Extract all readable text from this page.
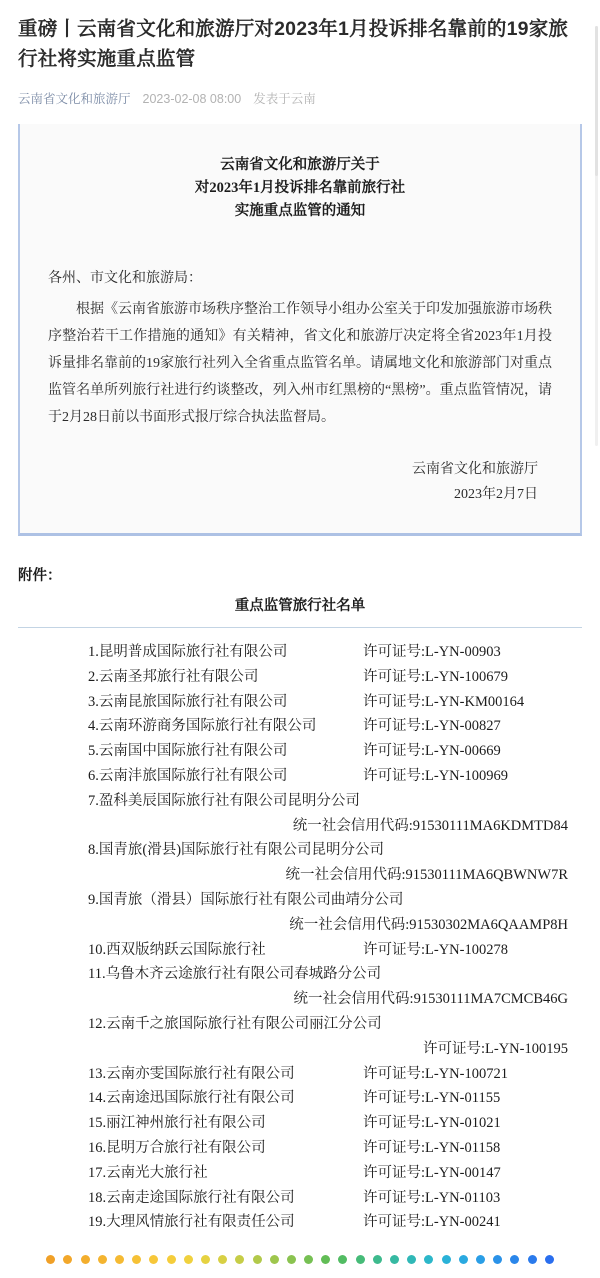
重磅丨云南省文化和旅游厅对2023年1月投诉排名靠前的19家旅行社将实施重点监管
云南省文化和旅游厅 2023-02-08 08:00 发表于云南
云南省文化和旅游厅关于
对2023年1月投诉排名靠前旅行社
实施重点监管的通知
各州、市文化和旅游局：
根据《云南省旅游市场秩序整治工作领导小组办公室关于印发加强旅游市场秩序整治若干工作措施的通知》有关精神，省文化和旅游厅决定将全省2023年1月投诉量排名靠前的19家旅行社列入全省重点监管名单。请属地文化和旅游部门对重点监管名单所列旅行社进行约谈整改，列入州市红黑榜的“黑榜”。重点监管情况，请于2月28日前以书面形式报厅综合执法监督局。
云南省文化和旅游厅
2023年2月7日
附件：
重点监管旅行社名单
1.昆明普成国际旅行社有限公司	许可证号:L-YN-00903
2.云南圣邦旅行社有限公司	许可证号:L-YN-100679
3.云南昆旅国际旅行社有限公司	许可证号:L-YN-KM00164
4.云南环游商务国际旅行社有限公司	许可证号:L-YN-00827
5.云南国中国际旅行社有限公司	许可证号:L-YN-00669
6.云南沣旅国际旅行社有限公司	许可证号:L-YN-100969
7.盈科美辰国际旅行社有限公司昆明分公司
统一社会信用代码:91530111MA6KDMTD84
8.国青旅(滑县)国际旅行社有限公司昆明分公司
统一社会信用代码:91530111MA6QBWNW7R
9.国青旅（滑县）国际旅行社有限公司曲靖分公司
统一社会信用代码:91530302MA6QAAMP8H
10.西双版纳跃云国际旅行社	许可证号:L-YN-100278
11.乌鲁木齐云途旅行社有限公司春城路分公司
统一社会信用代码:91530111MA7CMCB46G
12.云南千之旅国际旅行社有限公司丽江分公司
许可证号:L-YN-100195
13.云南亦雯国际旅行社有限公司	许可证号:L-YN-100721
14.云南途迅国际旅行社有限公司	许可证号:L-YN-01155
15.丽江神州旅行社有限公司	许可证号:L-YN-01021
16.昆明万合旅行社有限公司	许可证号:L-YN-01158
17.云南光大旅行社	许可证号:L-YN-00147
18.云南走途国际旅行社有限公司	许可证号:L-YN-01103
19.大理风情旅行社有限责任公司	许可证号:L-YN-00241
